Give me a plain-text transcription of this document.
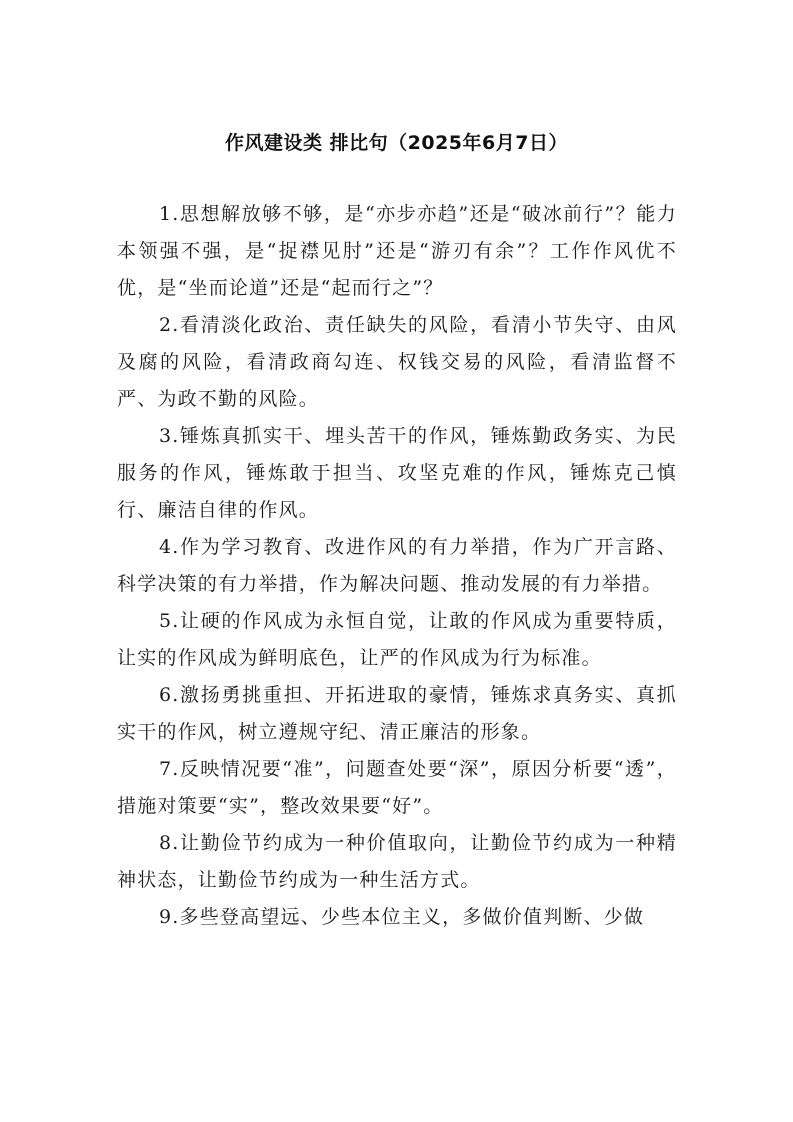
作风建设类 排比句（2025年6月7日）

1.思想解放够不够，是“亦步亦趋”还是“破冰前行”？能力本领强不强，是“捉襟见肘”还是“游刃有余”？工作作风优不优，是“坐而论道”还是“起而行之”？

2.看清淡化政治、责任缺失的风险，看清小节失守、由风及腐的风险，看清政商勾连、权钱交易的风险，看清监督不严、为政不勤的风险。

3.锤炼真抓实干、埋头苦干的作风，锤炼勤政务实、为民服务的作风，锤炼敢于担当、攻坚克难的作风，锤炼克己慎行、廉洁自律的作风。

4.作为学习教育、改进作风的有力举措，作为广开言路、科学决策的有力举措，作为解决问题、推动发展的有力举措。

5.让硬的作风成为永恒自觉，让敢的作风成为重要特质，让实的作风成为鲜明底色，让严的作风成为行为标准。

6.激扬勇挑重担、开拓进取的豪情，锤炼求真务实、真抓实干的作风，树立遵规守纪、清正廉洁的形象。

7.反映情况要“准”，问题查处要“深”，原因分析要“透”，措施对策要“实”，整改效果要“好”。

8.让勤俭节约成为一种价值取向，让勤俭节约成为一种精神状态，让勤俭节约成为一种生活方式。

9.多些登高望远、少些本位主义，多做价值判断、少做
